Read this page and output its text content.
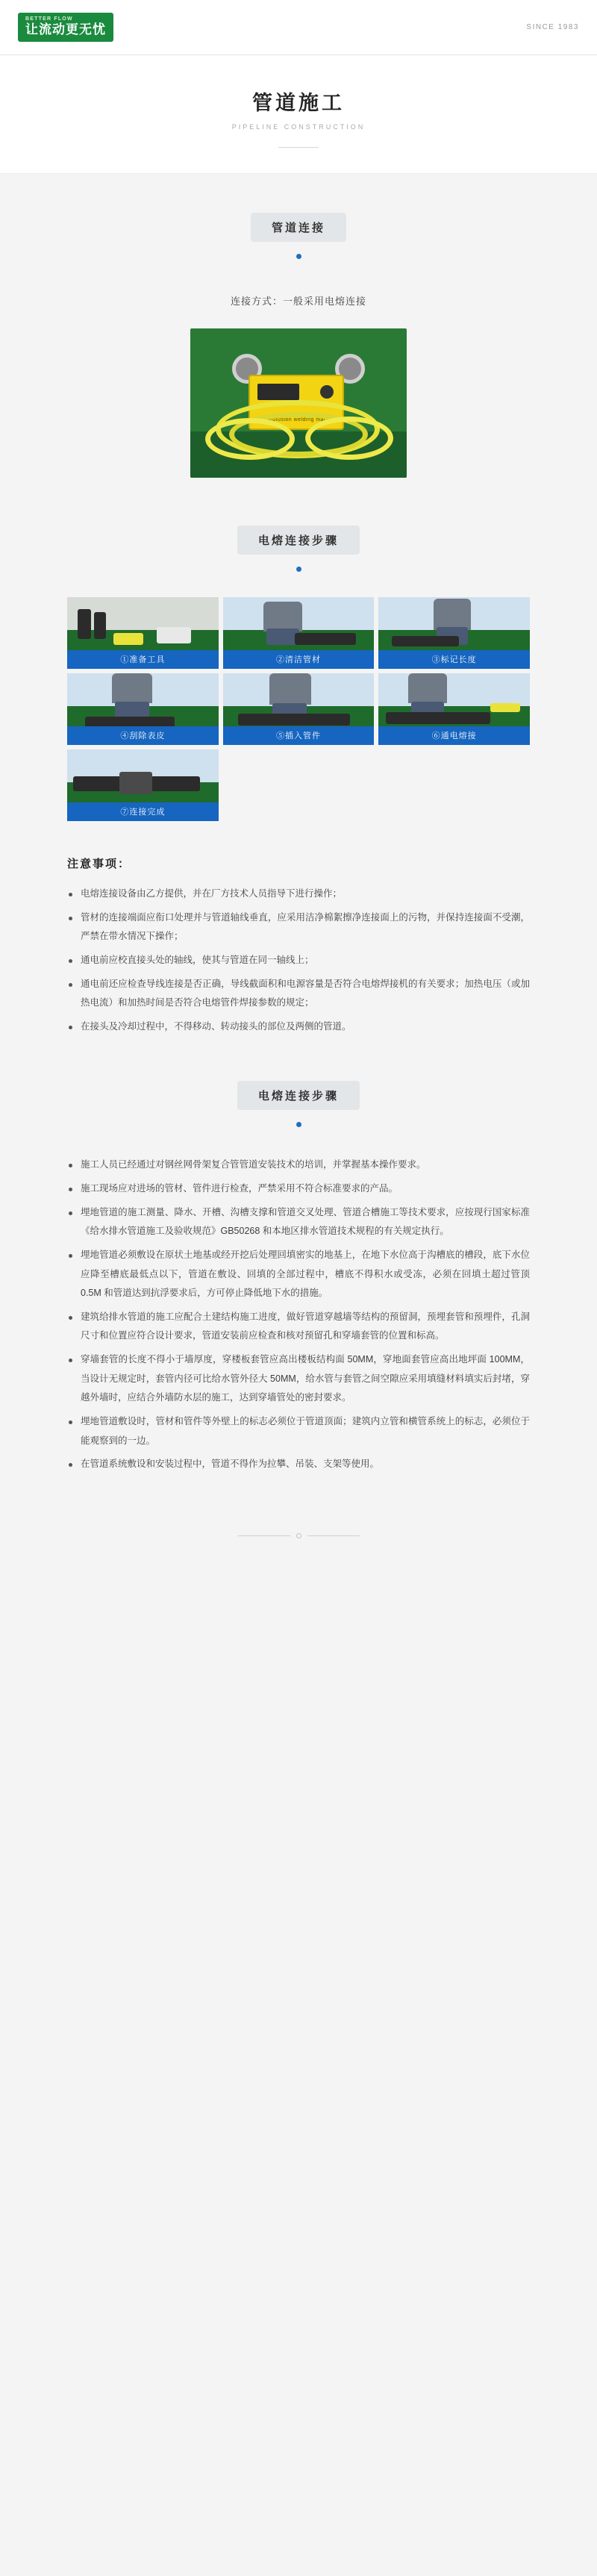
BETTER FLOW
让流动更无忧	SINCE 1983
管道施工
PIPELINE CONSTRUCTION
管道连接
连接方式：一般采用电熔连接
electrofusion welding machine
电熔连接步骤
①准备工具	②清洁管材	③标记长度
④刮除表皮	⑤插入管件	⑥通电熔接
⑦连接完成
注意事项：
电熔连接设备由乙方提供，并在厂方技术人员指导下进行操作；
管材的连接端面应衔口处理并与管道轴线垂直，应采用洁净棉絮擦净连接面上的污物，并保持连接面不受潮，严禁在带水情况下操作；
通电前应校直接头处的轴线，使其与管道在同一轴线上；
通电前还应检查导线连接是否正确，导线截面积和电源容量是否符合电熔焊接机的有关要求；加热电压（或加热电流）和加热时间是否符合电熔管件焊接参数的规定；
在接头及冷却过程中，不得移动、转动接头的部位及两侧的管道。
电熔连接步骤
施工人员已经通过对钢丝网骨架复合管管道安装技术的培训，并掌握基本操作要求。
施工现场应对进场的管材、管件进行检查，严禁采用不符合标准要求的产品。
埋地管道的施工测量、降水、开槽、沟槽支撑和管道交叉处理、管道合槽施工等技术要求，应按现行国家标准《给水排水管道施工及验收规范》GB50268 和本地区排水管道技术规程的有关规定执行。
埋地管道必须敷设在原状土地基或经开挖后处理回填密实的地基上，在地下水位高于沟槽底的槽段，底下水位应降至槽底最低点以下，管道在敷设、回填的全部过程中，槽底不得积水或受冻，必须在回填土超过管顶 0.5M 和管道达到抗浮要求后，方可停止降低地下水的措施。
建筑给排水管道的施工应配合土建结构施工进度，做好管道穿越墙等结构的预留洞，预埋套管和预埋件，孔洞尺寸和位置应符合设计要求，管道安装前应检查和核对预留孔和穿墙套管的位置和标高。
穿墙套管的长度不得小于墙厚度，穿楼板套管应高出楼板结构面 50MM，穿地面套管应高出地坪面 100MM，当设计无规定时，套管内径可比给水管外径大 50MM，给水管与套管之间空隙应采用填缝材料填实后封堵，穿越外墙时，应结合外墙防水层的施工，达到穿墙管处的密封要求。
埋地管道敷设时，管材和管件等外壁上的标志必须位于管道顶面；建筑内立管和横管系统上的标志，必须位于能观察到的一边。
在管道系统敷设和安装过程中，管道不得作为拉攀、吊装、支架等使用。
